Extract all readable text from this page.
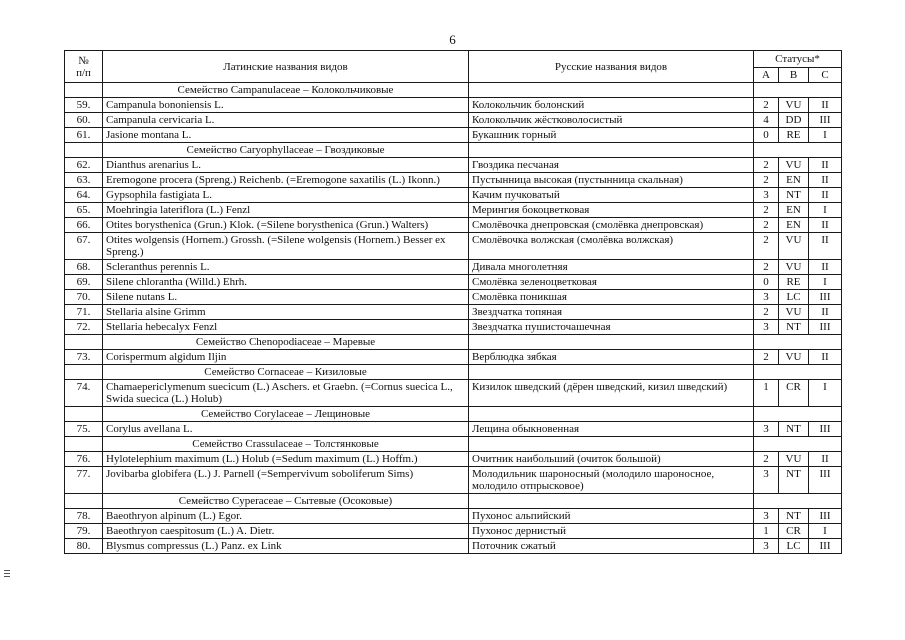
6
№
п/п	Латинские названия видов	Русские названия видов	Статусы*		
			А	В	С
	Семейство Campanulaceae – Колокольчиковые				
59.	Campanula bononiensis L.	Колокольчик болонский	2	VU	II
60.	Campanula cervicaria L.	Колокольчик жёстковолосистый	4	DD	III
61.	Jasione montana L.	Букашник горный	0	RE	I
	Семейство Caryophyllaceae – Гвоздиковые				
62.	Dianthus arenarius L.	Гвоздика песчаная	2	VU	II
63.	Eremogone procera (Spreng.) Reichenb. (=Eremogone saxatilis (L.) Ikonn.)	Пустынница высокая (пустынница скальная)	2	EN	II
64.	Gypsophila fastigiata L.	Качим пучковатый	3	NT	II
65.	Moehringia lateriflora (L.) Fenzl	Мерингия бокоцветковая	2	EN	I
66.	Otites borysthenica (Grun.) Klok. (=Silene borysthenica (Grun.) Walters)	Смолёвочка днепровская (смолёвка днепровская)	2	EN	II
67.	Otites wolgensis (Hornem.) Grossh. (=Silene wolgensis (Hornem.) Besser ex Spreng.)	Смолёвочка волжская (смолёвка волжская)	2	VU	II
68.	Scleranthus perennis L.	Дивала многолетняя	2	VU	II
69.	Silene chlorantha (Willd.) Ehrh.	Смолёвка зеленоцветковая	0	RE	I
70.	Silene nutans L.	Смолёвка поникшая	3	LC	III
71.	Stellaria alsine Grimm	Звездчатка топяная	2	VU	II
72.	Stellaria hebecalyx Fenzl	Звездчатка пушисточашечная	3	NT	III
	Семейство Chenopodiaceae – Маревые				
73.	Corispermum algidum Iljin	Верблюдка зябкая	2	VU	II
	Семейство Cornaceae – Кизиловые				
74.	Chamaepericlymenum suecicum (L.) Aschers. et Graebn. (=Cornus suecica L., Swida suecica (L.) Holub)	Кизилок шведский (дёрен шведский, кизил шведский)	1	CR	I
	Семейство Corylaceae – Лещиновые				
75.	Corylus avellana L.	Лещина обыкновенная	3	NT	III
	Семейство Crassulaceae – Толстянковые				
76.	Hylotelephium maximum (L.) Holub (=Sedum maximum (L.) Hoffm.)	Очитник наибольший (очиток большой)	2	VU	II
77.	Jovibarba globifera (L.) J. Parnell (=Sempervivum soboliferum Sims)	Молодильник шароносный (молодило шароносное, молодило отпрысковое)	3	NT	III
	Семейство Cyperaceae – Сытевые (Осоковые)				
78.	Baeothryon alpinum (L.) Egor.	Пухонос альпийский	3	NT	III
79.	Baeothryon caespitosum (L.) A. Dietr.	Пухонос дернистый	1	CR	I
80.	Blysmus compressus (L.) Panz. ex Link	Поточник сжатый	3	LC	III
